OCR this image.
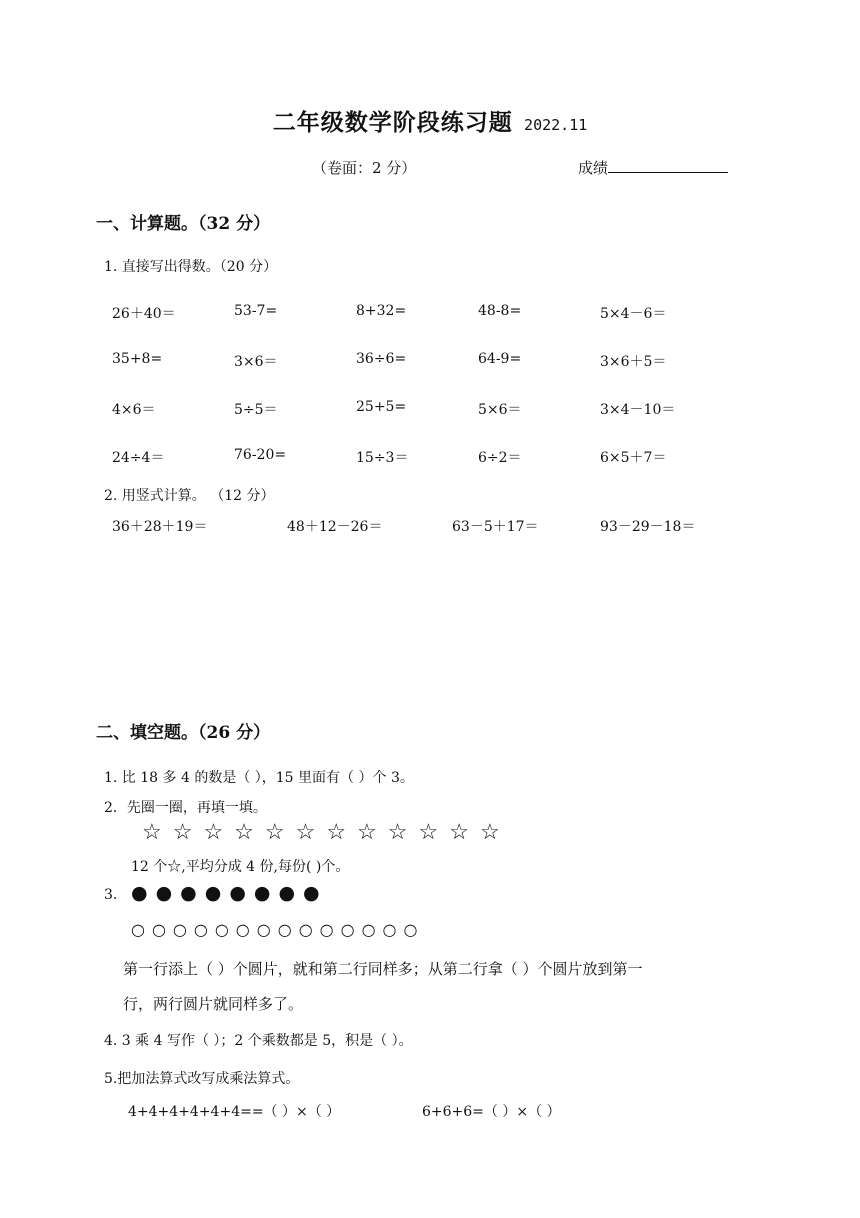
二年级数学阶段练习题 2022.11
（卷面：2 分）	成绩
一、计算题。（32 分）
1. 直接写出得数。（20 分）
26＋40＝	53-7=	8+32=	48-8=	5×4－6＝
35+8=	3×6＝	36÷6=	64-9=	3×6＋5＝
4×6＝	5÷5＝	25+5=	5×6＝	3×4－10＝
24÷4＝	76-20=	15÷3＝	6÷2＝	6×5＋7＝
2. 用竖式计算。 （12 分）
36＋28＋19＝	48＋12－26＝	63－5＋17＝	93－29－18＝
二、填空题。（26 分）
1. 比 18 多 4 的数是（ ），15 里面有（ ）个 3。
2．先圈一圈，再填一填。
☆☆☆☆☆☆☆☆☆☆☆☆
12 个☆,平均分成 4 份,每份( )个。
3. ●●●●●●●●
○○○○○○○○○○○○○○
第一行添上（ ）个圆片，就和第二行同样多；从第二行拿（ ）个圆片放到第一
行，两行圆片就同样多了。
4. 3 乘 4 写作（ ）；2 个乘数都是 5，积是（ ）。
5.把加法算式改写成乘法算式。
4+4+4+4+4+4==（ ）×（ ）	6+6+6=（ ）×（ ）
